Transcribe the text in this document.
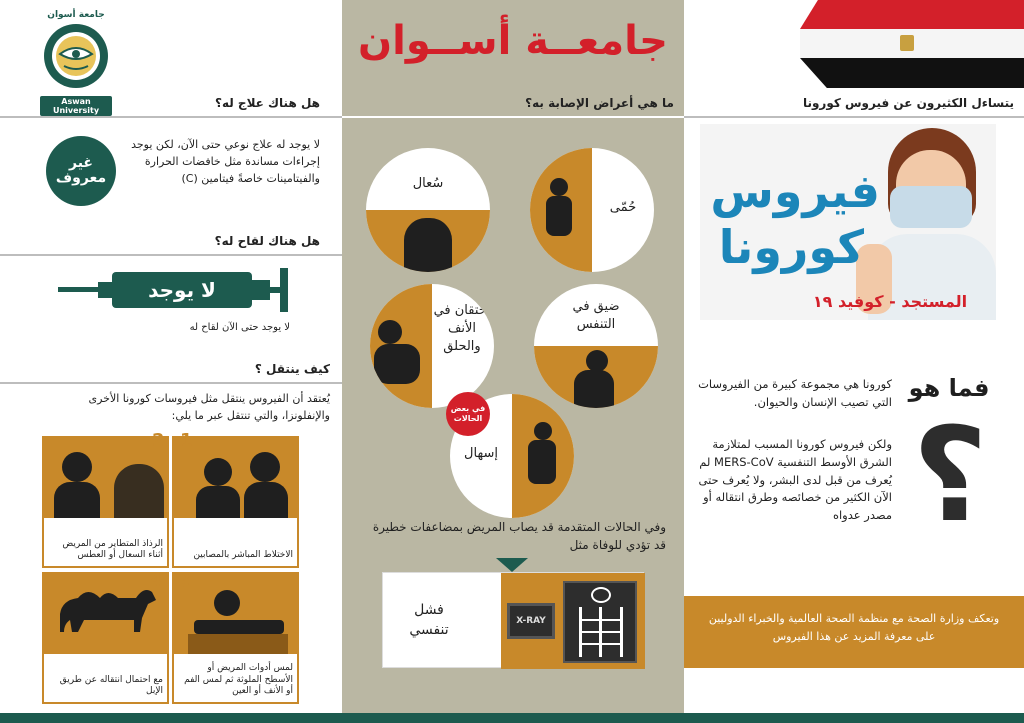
جامعة أسوان
Aswan University
جامعــة أســوان
هل هناك علاج له؟
غير
معروف
لا يوجد له علاج نوعي حتى الآن، لكن يوجد إجراءات مساندة مثل خافضات الحرارة والفيتامينات خاصةً فيتامين (C)
هل هناك لقاح له؟
لا يوجد
لا يوجد حتى الآن لقاح له
كيف ينتقل ؟
يُعتقد أن الفيروس ينتقل مثل فيروسات كورونا الأخرى والإنفلونزا، والتي تنتقل عبر ما يلي:
الاختلاط المباشر بالمصابين
1
الرذاذ المتطاير من المريض أثناء السعال أو العطس
2
لمس أدوات المريض أو الأسطح الملوثة ثم لمس الفم أو الأنف أو العين
3
مع احتمال انتقاله عن طريق الإبل
4
ما هي أعراض الإصابة به؟
سُعال
حُمّى
احتقان في الأنف والحلق
ضيق في التنفس
إسهال
في بعض الحالات
وفي الحالات المتقدمة قد يصاب المريض بمضاعفات خطيرة قد تؤدي للوفاة مثل
فشل تنفسي
X-RAY
يتساءل الكثيرون عن فيروس كورونا
فيروس
كورونا
المستجد - كوفيد ١٩
فما هو
؟
كورونا هي مجموعة كبيرة من الفيروسات التي تصيب الإنسان والحيوان.
ولكن فيروس كورونا المسبب لمتلازمة الشرق الأوسط التنفسية MERS-CoV لم يُعرف من قبل لدى البشر، ولا يُعرف حتى الآن الكثير من خصائصه وطرق انتقاله أو مصدر عدواه
وتعكف وزارة الصحة مع منظمة الصحة العالمية والخبراء الدوليين على معرفة المزيد عن هذا الفيروس
